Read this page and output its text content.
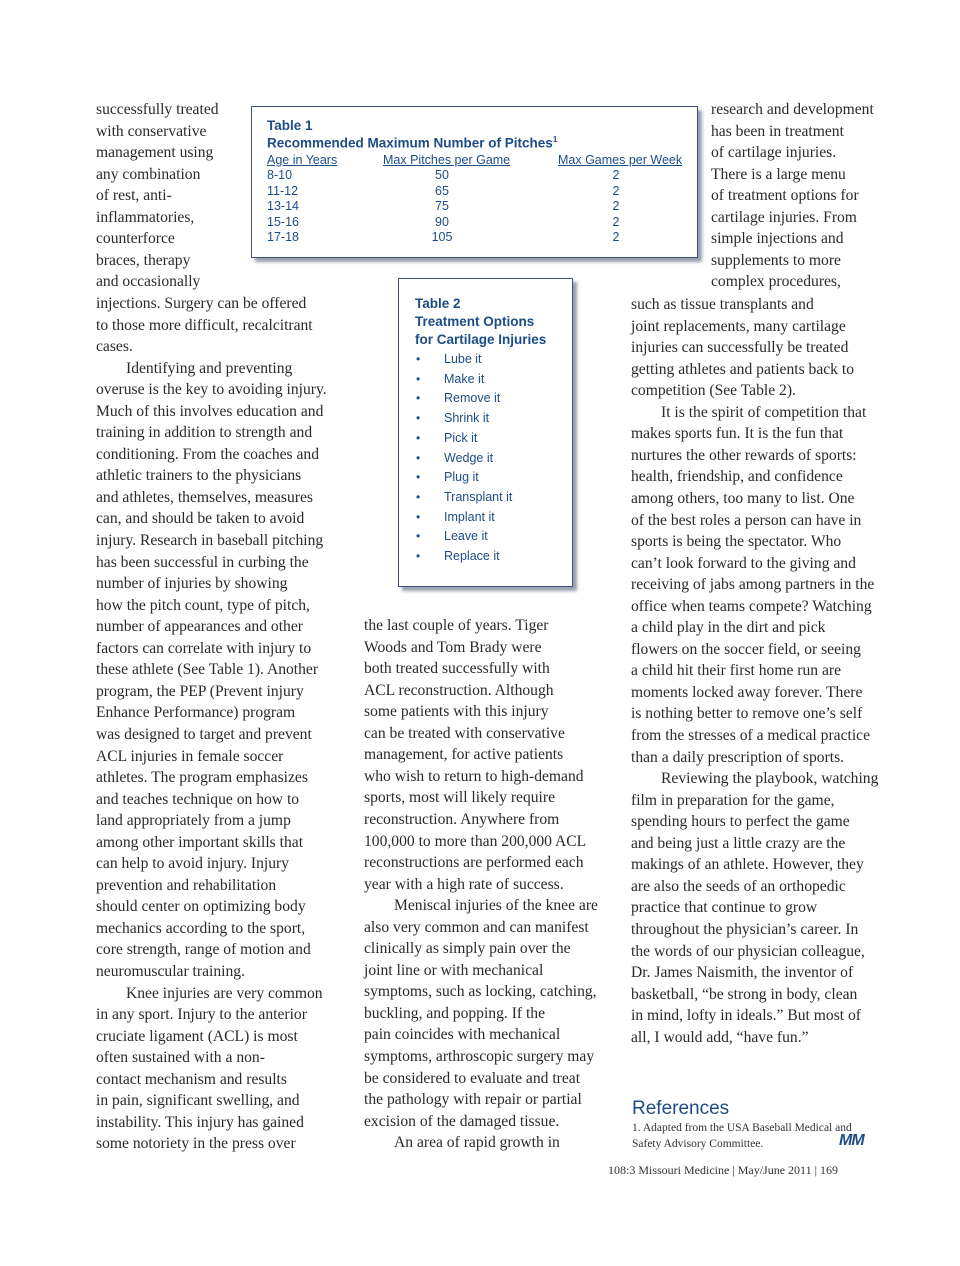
successfully treated
with conservative
management using
any combination
of rest, anti-
inflammatories,
counterforce
braces, therapy
and occasionally
injections. Surgery can be offered
to those more difficult, recalcitrant
cases.
Identifying and preventing
overuse is the key to avoiding injury.
Much of this involves education and
training in addition to strength and
conditioning. From the coaches and
athletic trainers to the physicians
and athletes, themselves, measures
can, and should be taken to avoid
injury. Research in baseball pitching
has been successful in curbing the
number of injuries by showing
how the pitch count, type of pitch,
number of appearances and other
factors can correlate with injury to
these athlete (See Table 1). Another
program, the PEP (Prevent injury
Enhance Performance) program
was designed to target and prevent
ACL injuries in female soccer
athletes. The program emphasizes
and teaches technique on how to
land appropriately from a jump
among other important skills that
can help to avoid injury. Injury
prevention and rehabilitation
should center on optimizing body
mechanics according to the sport,
core strength, range of motion and
neuromuscular training.
Knee injuries are very common
in any sport. Injury to the anterior
cruciate ligament (ACL) is most
often sustained with a non-
contact mechanism and results
in pain, significant swelling, and
instability. This injury has gained
some notoriety in the press over
the last couple of years. Tiger
Woods and Tom Brady were
both treated successfully with
ACL reconstruction. Although
some patients with this injury
can be treated with conservative
management, for active patients
who wish to return to high-demand
sports, most will likely require
reconstruction. Anywhere from
100,000 to more than 200,000 ACL
reconstructions are performed each
year with a high rate of success.
Meniscal injuries of the knee are
also very common and can manifest
clinically as simply pain over the
joint line or with mechanical
symptoms, such as locking, catching,
buckling, and popping. If the
pain coincides with mechanical
symptoms, arthroscopic surgery may
be considered to evaluate and treat
the pathology with repair or partial
excision of the damaged tissue.
An area of rapid growth in
research and development
has been in treatment
of cartilage injuries.
There is a large menu
of treatment options for
cartilage injuries. From
simple injections and
supplements to more
complex procedures,
such as tissue transplants and
joint replacements, many cartilage
injuries can successfully be treated
getting athletes and patients back to
competition (See Table 2).
It is the spirit of competition that
makes sports fun. It is the fun that
nurtures the other rewards of sports:
health, friendship, and confidence
among others, too many to list. One
of the best roles a person can have in
sports is being the spectator. Who
can’t look forward to the giving and
receiving of jabs among partners in the
office when teams compete? Watching
a child play in the dirt and pick
flowers on the soccer field, or seeing
a child hit their first home run are
moments locked away forever. There
is nothing better to remove one’s self
from the stresses of a medical practice
than a daily prescription of sports.
Reviewing the playbook, watching
film in preparation for the game,
spending hours to perfect the game
and being just a little crazy are the
makings of an athlete. However, they
are also the seeds of an orthopedic
practice that continue to grow
throughout the physician’s career. In
the words of our physician colleague,
Dr. James Naismith, the inventor of
basketball, “be strong in body, clean
in mind, lofty in ideals.” But most of
all, I would add, “have fun.”
Table 1
Recommended Maximum Number of Pitches$^1$
Age in Years	Max Pitches per Game	Max Games per Week
8-10	50	2
11-12	65	2
13-14	75	2
15-16	90	2
17-18	105	2
Table 2
Treatment Options
for Cartilage Injuries
• Lube it
• Make it
• Remove it
• Shrink it
• Pick it
• Wedge it
• Plug it
• Transplant it
• Implant it
• Leave it
• Replace it
References
1. Adapted from the USA Baseball Medical and
Safety Advisory Committee.	MM
108:3 Missouri Medicine | May/June 2011 | 169
